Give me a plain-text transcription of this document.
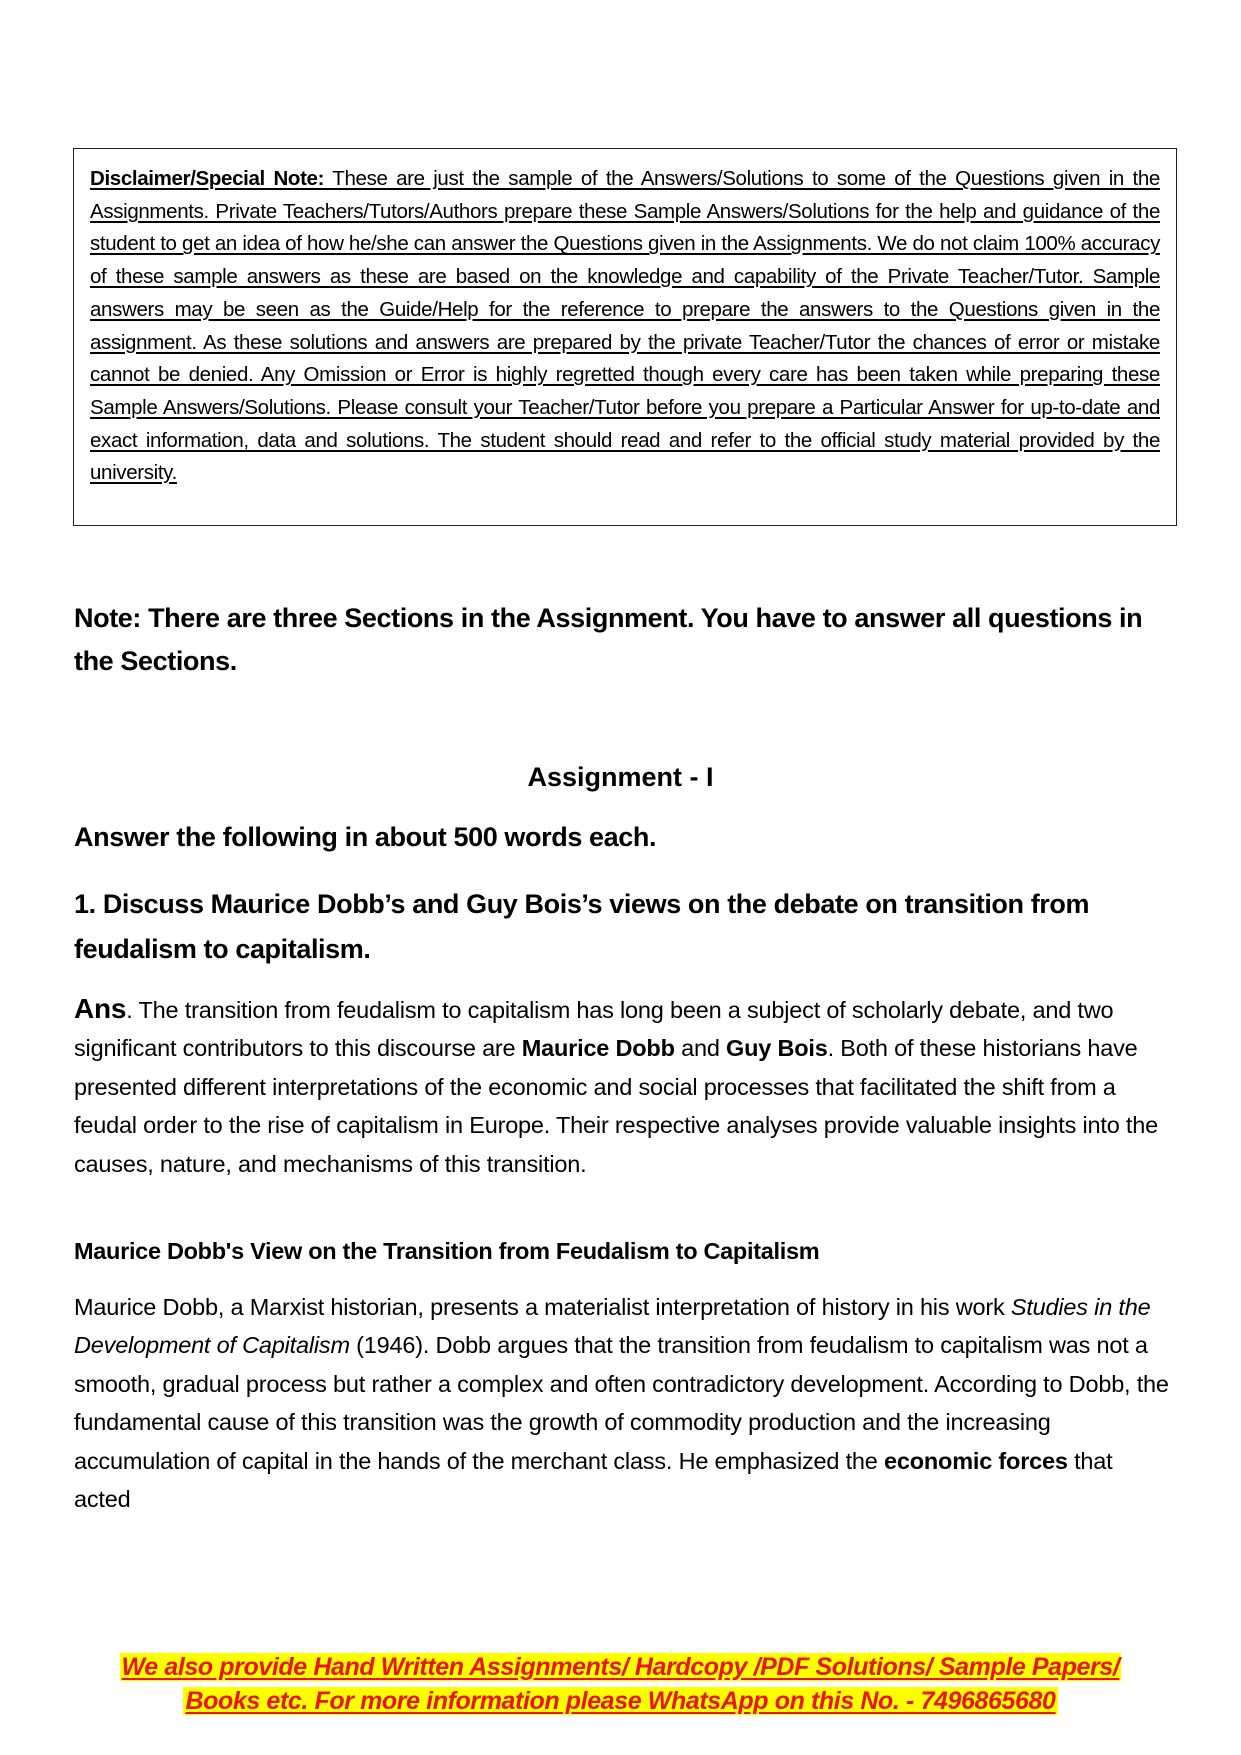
Disclaimer/Special Note: These are just the sample of the Answers/Solutions to some of the Questions given in the Assignments. Private Teachers/Tutors/Authors prepare these Sample Answers/Solutions for the help and guidance of the student to get an idea of how he/she can answer the Questions given in the Assignments. We do not claim 100% accuracy of these sample answers as these are based on the knowledge and capability of the Private Teacher/Tutor. Sample answers may be seen as the Guide/Help for the reference to prepare the answers to the Questions given in the assignment. As these solutions and answers are prepared by the private Teacher/Tutor the chances of error or mistake cannot be denied. Any Omission or Error is highly regretted though every care has been taken while preparing these Sample Answers/Solutions. Please consult your Teacher/Tutor before you prepare a Particular Answer for up-to-date and exact information, data and solutions. The student should read and refer to the official study material provided by the university.

Note: There are three Sections in the Assignment. You have to answer all questions in the Sections.
Assignment - I
Answer the following in about 500 words each.
1. Discuss Maurice Dobb’s and Guy Bois’s views on the debate on transition from feudalism to capitalism.
Ans. The transition from feudalism to capitalism has long been a subject of scholarly debate, and two significant contributors to this discourse are Maurice Dobb and Guy Bois. Both of these historians have presented different interpretations of the economic and social processes that facilitated the shift from a feudal order to the rise of capitalism in Europe. Their respective analyses provide valuable insights into the causes, nature, and mechanisms of this transition.
Maurice Dobb's View on the Transition from Feudalism to Capitalism
Maurice Dobb, a Marxist historian, presents a materialist interpretation of history in his work Studies in the Development of Capitalism (1946). Dobb argues that the transition from feudalism to capitalism was not a smooth, gradual process but rather a complex and often contradictory development. According to Dobb, the fundamental cause of this transition was the growth of commodity production and the increasing accumulation of capital in the hands of the merchant class. He emphasized the economic forces that acted
We also provide Hand Written Assignments/ Hardcopy /PDF Solutions/ Sample Papers/
Books etc. For more information please WhatsApp on this No. - 7496865680
